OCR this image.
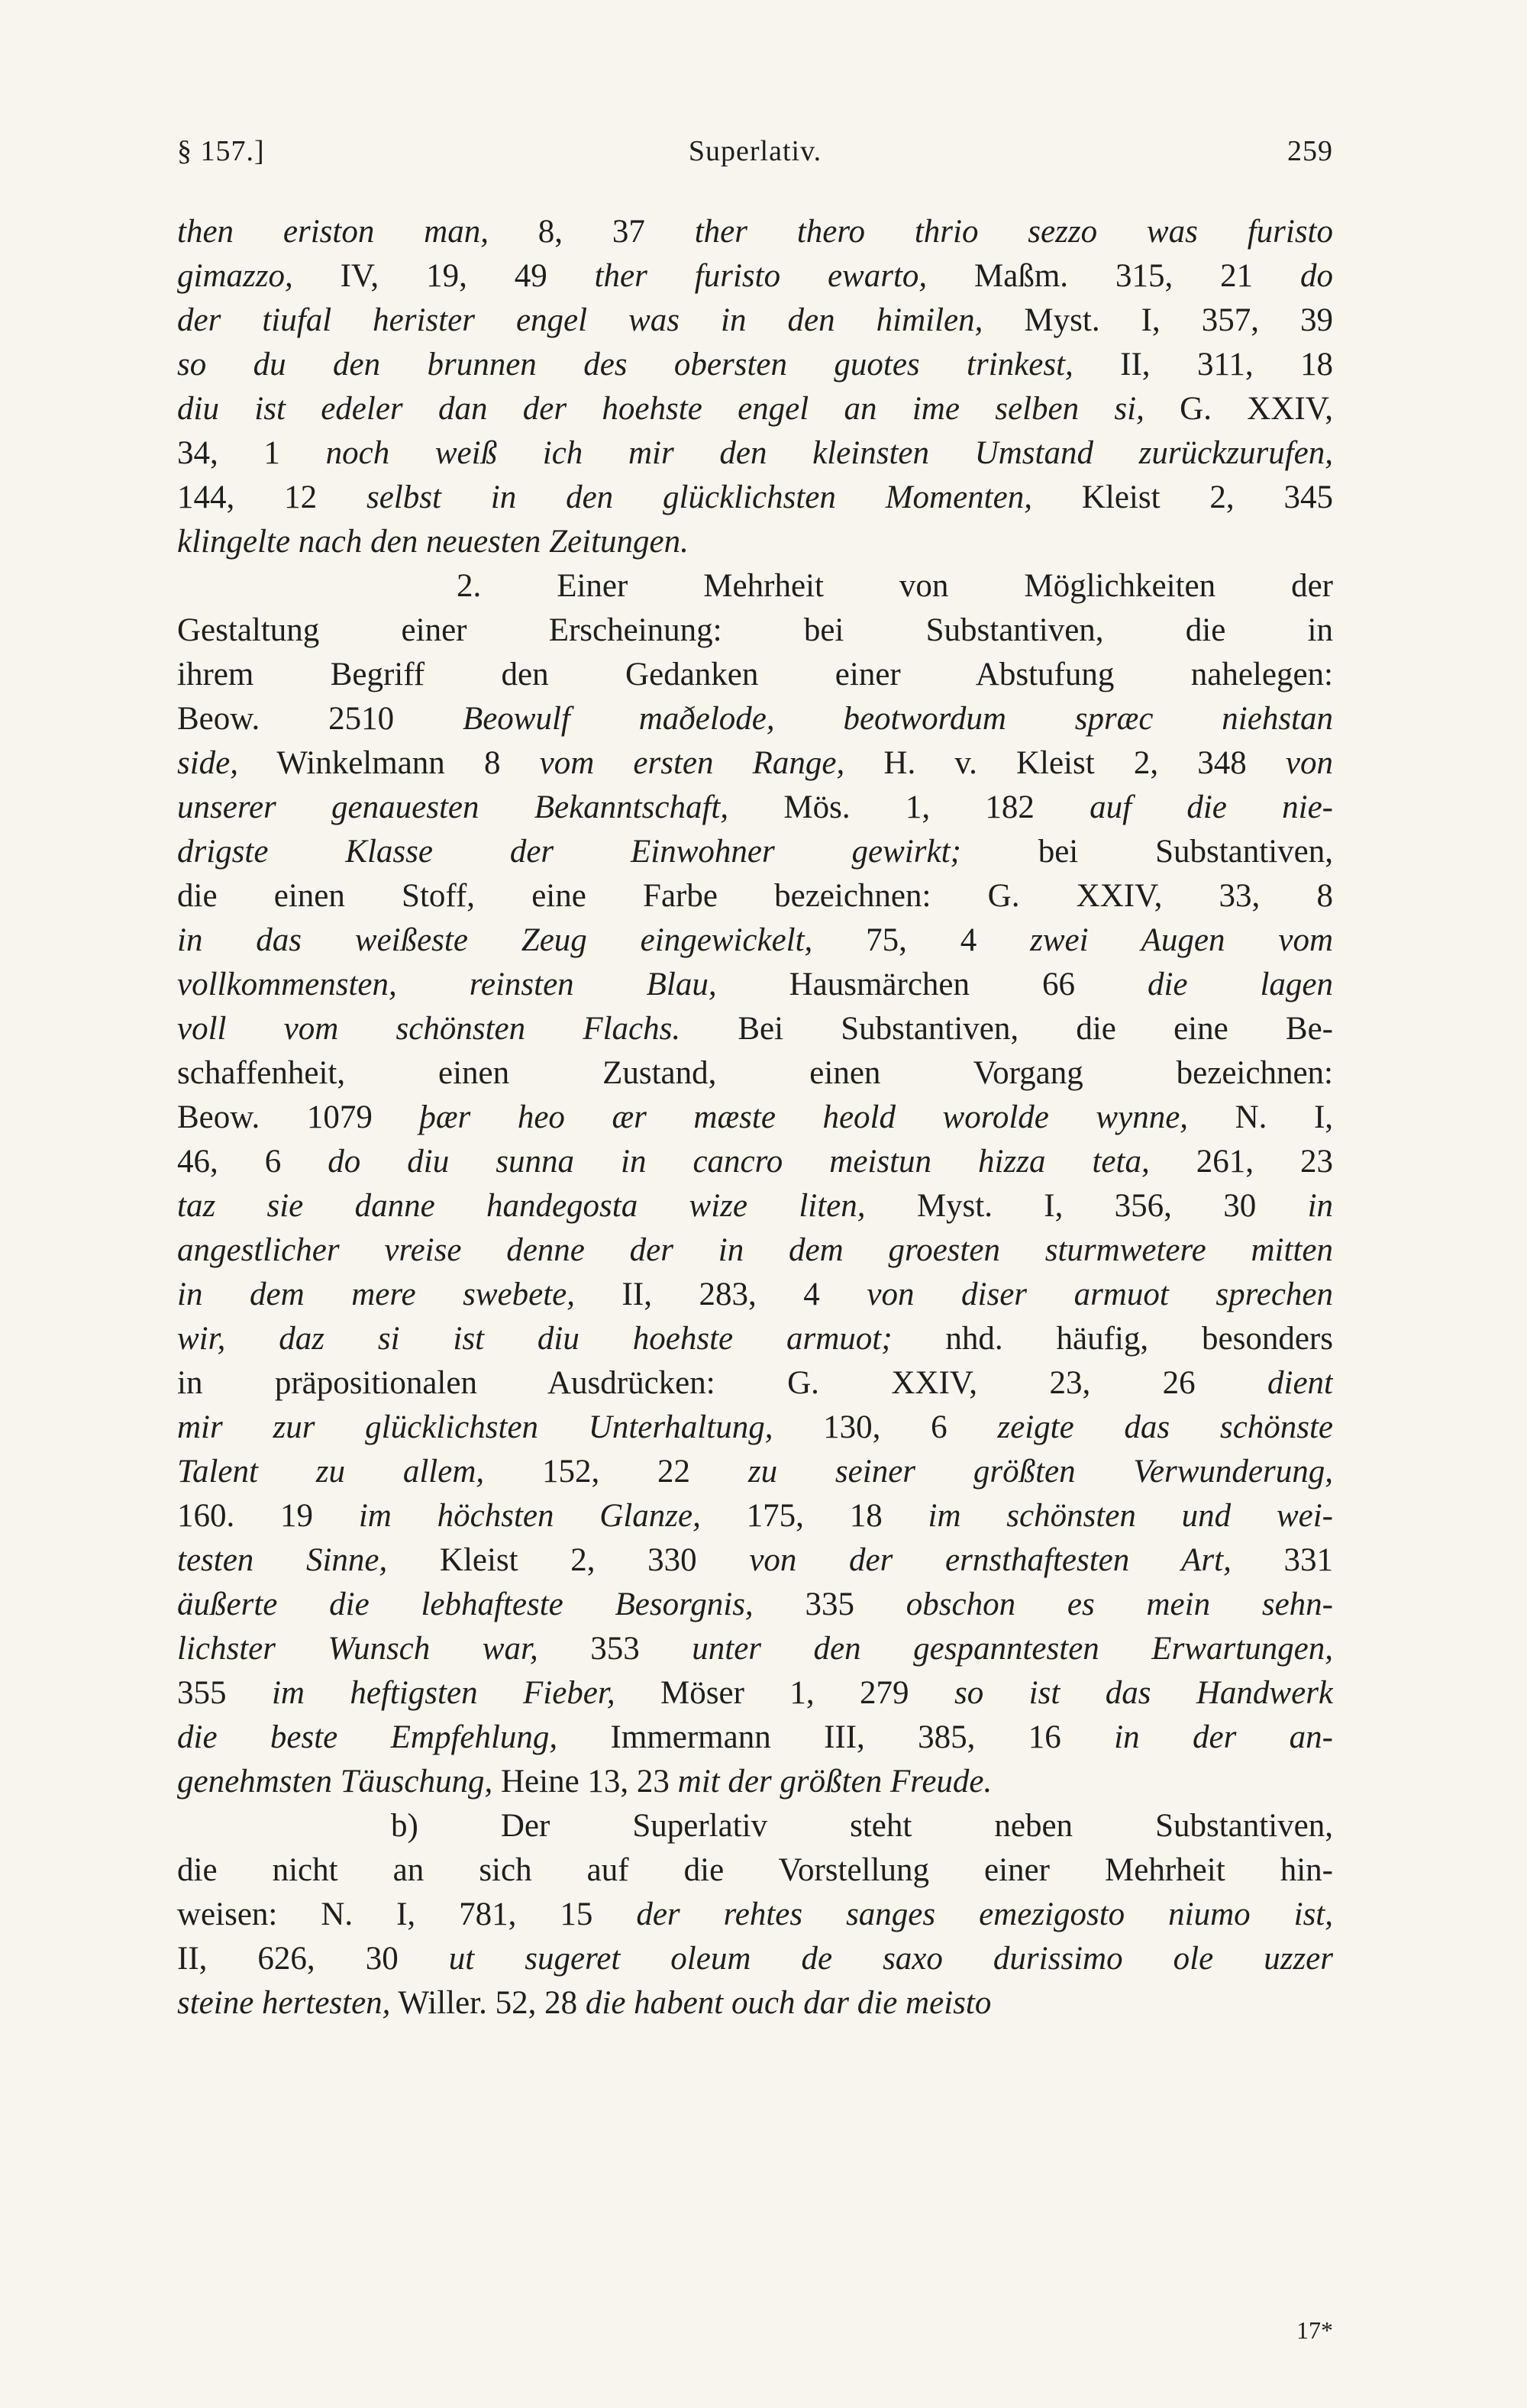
§ 157.]	Superlativ.	259
then eriston man, 8, 37 ther thero thrio sezzo was furisto
gimazzo, IV, 19, 49 ther furisto ewarto, Maßm. 315, 21 do
der tiufal herister engel was in den himilen, Myst. I, 357, 39
so du den brunnen des obersten guotes trinkest, II, 311, 18
diu ist edeler dan der hoehste engel an ime selben si, G. XXIV,
34, 1 noch weiß ich mir den kleinsten Umstand zurückzurufen,
144, 12 selbst in den glücklichsten Momenten, Kleist 2, 345
klingelte nach den neuesten Zeitungen.
2. Einer Mehrheit von Möglichkeiten der
Gestaltung einer Erscheinung: bei Substantiven, die in
ihrem Begriff den Gedanken einer Abstufung nahelegen:
Beow. 2510 Beowulf maðelode, beotwordum spræc niehstan
side, Winkelmann 8 vom ersten Range, H. v. Kleist 2, 348 von
unserer genauesten Bekanntschaft, Mös. 1, 182 auf die nie-
drigste Klasse der Einwohner gewirkt; bei Substantiven,
die einen Stoff, eine Farbe bezeichnen: G. XXIV, 33, 8
in das weißeste Zeug eingewickelt, 75, 4 zwei Augen vom
vollkommensten, reinsten Blau, Hausmärchen 66 die lagen
voll vom schönsten Flachs. Bei Substantiven, die eine Be-
schaffenheit, einen Zustand, einen Vorgang bezeichnen:
Beow. 1079 þær heo ær mæste heold worolde wynne, N. I,
46, 6 do diu sunna in cancro meistun hizza teta, 261, 23
taz sie danne handegosta wize liten, Myst. I, 356, 30 in
angestlicher vreise denne der in dem groesten sturmwetere mitten
in dem mere swebete, II, 283, 4 von diser armuot sprechen
wir, daz si ist diu hoehste armuot; nhd. häufig, besonders
in präpositionalen Ausdrücken: G. XXIV, 23, 26 dient
mir zur glücklichsten Unterhaltung, 130, 6 zeigte das schönste
Talent zu allem, 152, 22 zu seiner größten Verwunderung,
160. 19 im höchsten Glanze, 175, 18 im schönsten und wei-
testen Sinne, Kleist 2, 330 von der ernsthaftesten Art, 331
äußerte die lebhafteste Besorgnis, 335 obschon es mein sehn-
lichster Wunsch war, 353 unter den gespanntesten Erwartungen,
355 im heftigsten Fieber, Möser 1, 279 so ist das Handwerk
die beste Empfehlung, Immermann III, 385, 16 in der an-
genehmsten Täuschung, Heine 13, 23 mit der größten Freude.
b) Der Superlativ steht neben Substantiven,
die nicht an sich auf die Vorstellung einer Mehrheit hin-
weisen: N. I, 781, 15 der rehtes sanges emezigosto niumo ist,
II, 626, 30 ut sugeret oleum de saxo durissimo ole uzzer
steine hertesten, Willer. 52, 28 die habent ouch dar die meisto
17*
